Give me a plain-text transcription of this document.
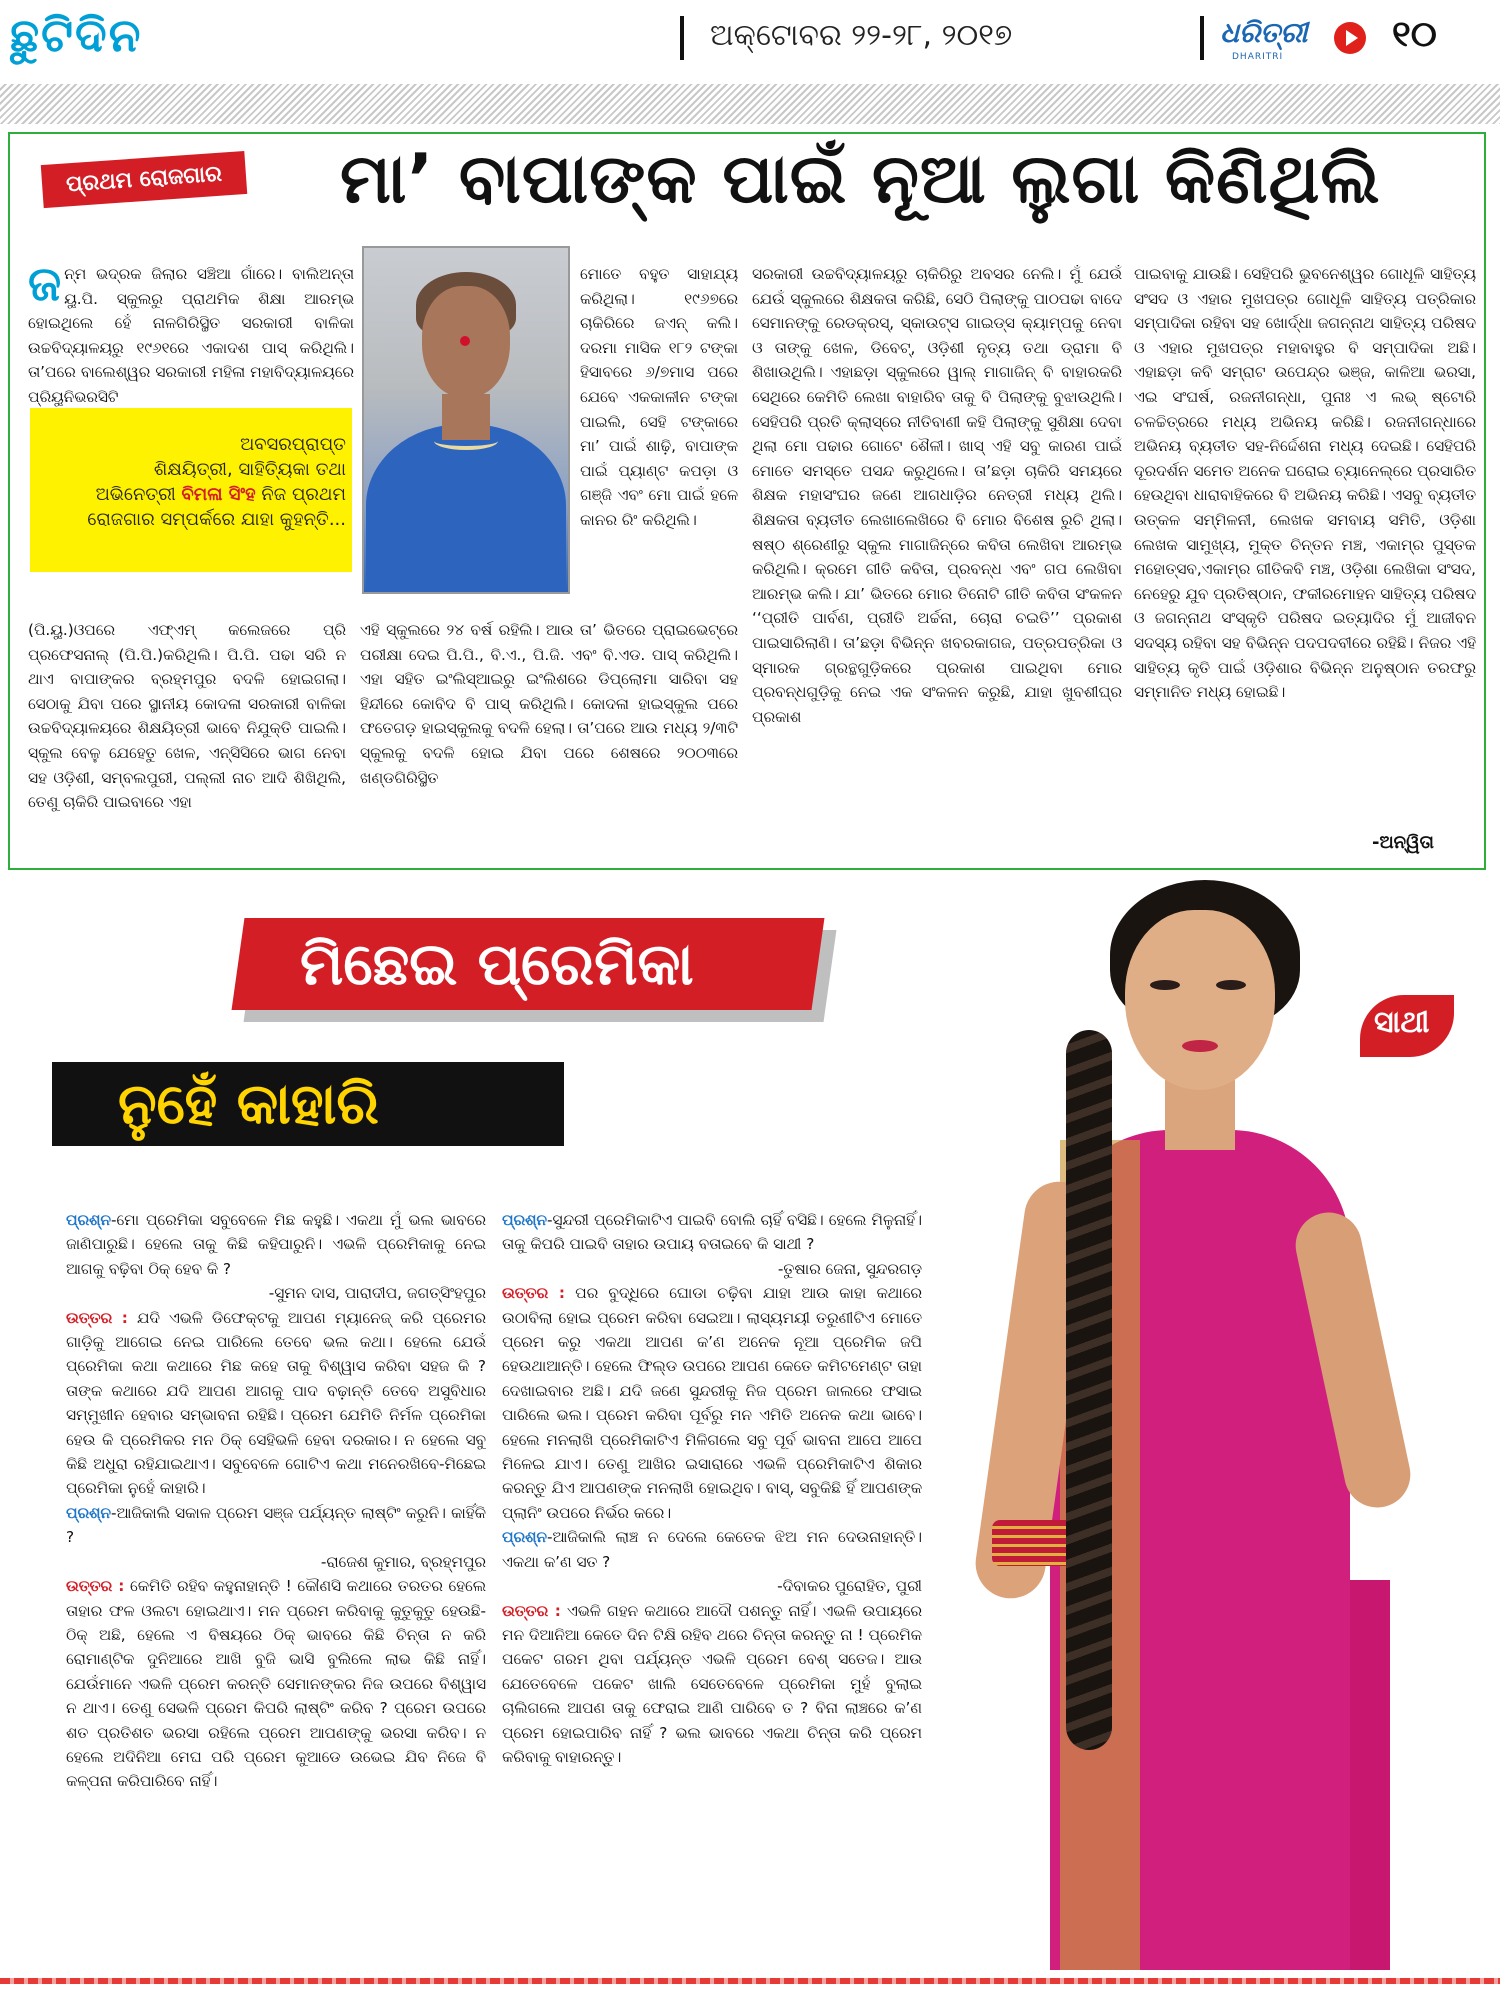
ଛୁଟିଦିନ	ଅକ୍ଟୋବର ୨୨-୨୮, ୨୦୧୭	ଧରିତ୍ରୀ
DHARITRI
୧୦
ପ୍ରଥମ ରୋଜଗାର	ମା’ ବାପାଙ୍କ ପାଇଁ ନୂଆ ଲୁଗା କିଣିଥିଲି
ଜନ୍ମ ଭଦ୍ରକ ଜିଲାର ସଞ୍ଚିଆ ଗାଁରେ। ବାଲିଅନ୍ତା ୟୁ.ପି. ସ୍କୁଲରୁ ପ୍ରାଥମିକ ଶିକ୍ଷା ଆରମ୍ଭ ହୋଇଥିଲେ ହେଁ ନାଳଗିରିସ୍ଥିତ ସରକାରୀ ବାଳିକା ଉଚ୍ଚବିଦ୍ୟାଳୟରୁ ୧୯୬୧ରେ ଏକାଦଶ ପାସ୍ କରିଥିଲି। ତା’ପରେ ବାଲେଶ୍ୱର ସରକାରୀ ମହିଳା ମହାବିଦ୍ୟାଳୟରେ ପ୍ରିୟୁନିଭରସିଟି
ଅବସରପ୍ରାପ୍ତ
ଶିକ୍ଷୟିତ୍ରୀ, ସାହିତ୍ୟିକା ତଥା
ଅଭିନେତ୍ରୀ ବିମଳା ସିଂହ ନିଜ ପ୍ରଥମ ରୋଜଗାର ସମ୍ପର୍କରେ ଯାହା କୁହନ୍ତି...
ମୋତେ ବହୁତ ସାହାଯ୍ୟ କରିଥିଲା। ୧୯୬୭ରେ ଚାକିରିରେ ଜଏନ୍ କଲି। ଦରମା ମାସିକ ୧୮୨ ଟଙ୍କା ହିସାବରେ ୬/୭ମାସ ପରେ ଯେବେ ଏକକାଳୀନ ଟଙ୍କା ପାଇଲି, ସେହି ଟଙ୍କାରେ ମା’ ପାଇଁ ଶାଢ଼ି, ବାପାଙ୍କ ପାଇଁ ପ୍ୟାଣ୍ଟ କପଡ଼ା ଓ ଗଞ୍ଜି ଏବଂ ମୋ ପାଇଁ ହଳେ କାନର ରିଂ କରିଥିଲି।
(ପି.ୟୁ.)ଓପରେ ଏଫ୍‌ଏମ୍ କଲେଜରେ ପ୍ରି ପ୍ରଫେସନାଲ୍ (ପି.ପି.)କରିଥିଲି। ପି.ପି. ପଢା ସରି ନ ଥାଏ ବାପାଙ୍କର ବ୍ରହ୍ମପୁର ବଦଳି ହୋଇଗଲା। ସେଠାକୁ ଯିବା ପରେ ସ୍ଥାନୀୟ କୋଦଳା ସରକାରୀ ବାଳିକା ଉଚ୍ଚବିଦ୍ୟାଳୟରେ ଶିକ୍ଷୟିତ୍ରୀ ଭାବେ ନିଯୁକ୍ତି ପାଇଲି। ସ୍କୁଲ ବେଳୁ ଯେହେତୁ ଖେଳ, ଏନ୍‌ସିସିରେ ଭାଗ ନେବା ସହ ଓଡ଼ିଶୀ, ସମ୍ବଲପୁରୀ, ପଲ୍ଲୀ ନାଚ ଆଦି ଶିଖିଥିଲି, ତେଣୁ ଚାକିରି ପାଇବାରେ ଏହା
ଏହି ସ୍କୁଲରେ ୨୪ ବର୍ଷ ରହିଲି। ଆଉ ତା’ ଭିତରେ ପ୍ରାଇଭେଟ୍‌ରେ ପରୀକ୍ଷା ଦେଇ ପି.ପି., ବି.ଏ., ପି.ଜି. ଏବଂ ବି.ଏଡ. ପାସ୍ କରିଥିଲି। ଏହା ସହିତ ଇଂଲିସ୍‌ଆଇରୁ ଇଂଲିଶରେ ଡିପ୍ଲୋମା ସାରିବା ସହ ହିନ୍ଦୀରେ କୋବିଦ ବି ପାସ୍ କରିଥିଲି। କୋଦଳା ହାଇସ୍କୁଲ ପରେ ଫତେଗଡ଼ ହାଇସ୍କୁଲକୁ ବଦଳି ହେଲା। ତା’ପରେ ଆଉ ମଧ୍ୟ ୨/୩ଟି ସ୍କୁଲକୁ ବଦଳି ହୋଇ ଯିବା ପରେ ଶେଷରେ ୨୦୦୩ରେ ଖଣ୍ଡଗିରିସ୍ଥିତ
ସରକାରୀ ଉଚ୍ଚବିଦ୍ୟାଳୟରୁ ଚାକିରିରୁ ଅବସର ନେଲି। ମୁଁ ଯେଉଁ ଯେଉଁ ସ୍କୁଲରେ ଶିକ୍ଷକତା କରିଛି, ସେଠି ପିଲାଙ୍କୁ ପାଠପଢା ବାଦେ ସେମାନଙ୍କୁ ରେଡକ୍ରସ୍, ସ୍କାଉଟ୍‌ସ ଗାଇଡ୍‌ସ କ୍ୟାମ୍ପକୁ ନେବା ଓ ତାଙ୍କୁ ଖେଳ, ଡିବେଟ୍, ଓଡ଼ିଶୀ ନୃତ୍ୟ ତଥା ଡ୍ରାମା ବି ଶିଖାଉଥିଲି। ଏହାଛଡ଼ା ସ୍କୁଲରେ ୱାଲ୍ ମାଗାଜିନ୍ ବି ବାହାରକରି ସେଥିରେ କେମିତି ଲେଖା ବାହାରିବ ତାକୁ ବି ପିଲାଙ୍କୁ ବୁଝାଉଥିଲି। ସେହିପରି ପ୍ରତି କ୍ଲାସ୍‌ରେ ନୀତିବାଣୀ କହି ପିଲାଙ୍କୁ ସୁଶିକ୍ଷା ଦେବା ଥିଲା ମୋ ପଢାର ଗୋଟେ ଶୈଳୀ। ଖାସ୍ ଏହି ସବୁ କାରଣ ପାଇଁ ମୋତେ ସମସ୍ତେ ପସନ୍ଦ କରୁଥିଲେ। ତା’ଛଡ଼ା ଚାକିରି ସମୟରେ ଶିକ୍ଷକ ମହାସଂଘର ଜଣେ ଆଗଧାଡ଼ିର ନେତ୍ରୀ ମଧ୍ୟ ଥିଲି। ଶିକ୍ଷକତା ବ୍ୟତୀତ ଲେଖାଲେଖିରେ ବି ମୋର ବିଶେଷ ରୁଚି ଥିଲା। ଷଷ୍ଠ ଶ୍ରେଣୀରୁ ସ୍କୁଲ ମାଗାଜିନ୍‌ରେ କବିତା ଲେଖିବା ଆରମ୍ଭ କରିଥିଲି। କ୍ରମେ ଗୀତି କବିତା, ପ୍ରବନ୍ଧ ଏବଂ ଗପ ଲେଖିବା ଆରମ୍ଭ କଲି। ଯା’ ଭିତରେ ମୋର ତିନୋଟି ଗୀତି କବିତା ସଂକଳନ ‘‘ପ୍ରୀତି ପାର୍ବଣ, ପ୍ରୀତି ଅର୍ଚ୍ଚନା, ଚୋରା ଚଇତି’’ ପ୍ରକାଶ ପାଇସାରିଲାଣି। ତା’ଛଡ଼ା ବିଭିନ୍ନ ଖବରକାଗଜ, ପତ୍ରପତ୍ରିକା ଓ ସ୍ମାରକ ଗ୍ରନ୍ଥଗୁଡ଼ିକରେ ପ୍ରକାଶ ପାଇଥିବା ମୋର ପ୍ରବନ୍ଧଗୁଡ଼ିକୁ ନେଇ ଏକ ସଂକଳନ କରୁଛି, ଯାହା ଖୁବଶୀଘ୍ର ପ୍ରକାଶ
ପାଇବାକୁ ଯାଉଛି। ସେହିପରି ଭୁବନେଶ୍ୱର ଗୋଧୂଳି ସାହିତ୍ୟ ସଂସଦ ଓ ଏହାର ମୁଖପତ୍ର ଗୋଧୂଳି ସାହିତ୍ୟ ପତ୍ରିକାର ସମ୍ପାଦିକା ରହିବା ସହ ଖୋର୍ଦ୍ଧା ଜଗନ୍ନାଥ ସାହିତ୍ୟ ପରିଷଦ ଓ ଏହାର ମୁଖପତ୍ର ମହାବାହୁର ବି ସମ୍ପାଦିକା ଅଛି। ଏହାଛଡ଼ା କବି ସମ୍ରାଟ ଉପେନ୍ଦ୍ର ଭଞ୍ଜ, କାଳିଆ ଭରସା, ଏଇ ସଂଘର୍ଷ, ରଜନୀଗନ୍ଧା, ପୁନାଃ ଏ ଲଭ୍ ଷ୍ଟୋରି ଚଳଚ୍ଚିତ୍ରରେ ମଧ୍ୟ ଅଭିନୟ କରିଛି। ରଜନୀଗନ୍ଧାରେ ଅଭିନୟ ବ୍ୟତୀତ ସହ-ନିର୍ଦ୍ଦେଶନା ମଧ୍ୟ ଦେଇଛି। ସେହିପରି ଦୂରଦର୍ଶନ ସମେତ ଅନେକ ଘରୋଇ ଚ୍ୟାନେଲ୍‌ରେ ପ୍ରସାରିତ ହେଉଥିବା ଧାରାବାହିକରେ ବି ଅଭିନୟ କରିଛି। ଏସବୁ ବ୍ୟତୀତ ଉତ୍କଳ ସମ୍ମିଳନୀ, ଲେଖକ ସମବାୟ ସମିତି, ଓଡ଼ିଶା ଲେଖକ ସାମୁଖ୍ୟ, ମୁକ୍ତ ଚିନ୍ତନ ମଞ୍ଚ, ଏକାମ୍ର ପୁସ୍ତକ ମହୋତ୍ସବ,ଏକାମ୍ର ଗୀତିକବି ମଞ୍ଚ, ଓଡ଼ିଶା ଲେଖିକା ସଂସଦ, ନେହେରୁ ଯୁବ ପ୍ରତିଷ୍ଠାନ, ଫକୀରମୋହନ ସାହିତ୍ୟ ପରିଷଦ ଓ ଜଗନ୍ନାଥ ସଂସ୍କୃତି ପରିଷଦ ଇତ୍ୟାଦିର ମୁଁ ଆଜୀବନ ସଦସ୍ୟ ରହିବା ସହ ବିଭିନ୍ନ ପଦପଦବୀରେ ରହିଛି। ନିଜର ଏହି ସାହିତ୍ୟ କୃତି ପାଇଁ ଓଡ଼ିଶାର ବିଭିନ୍ନ ଅନୁଷ୍ଠାନ ତରଫରୁ ସମ୍ମାନିତ ମଧ୍ୟ ହୋଇଛି।
-ଅନ୍ୱିତା
ମିଛେଇ ପ୍ରେମିକା
ନୁହେଁ କାହାରି
ସାଥୀ
ପ୍ରଶ୍ନ-ମୋ ପ୍ରେମିକା ସବୁବେଳେ ମିଛ କହୁଛି। ଏକଥା ମୁଁ ଭଲ ଭାବରେ ଜାଣିପାରୁଛି। ହେଲେ ତାକୁ କିଛି କହିପାରୁନି। ଏଭଳି ପ୍ରେମିକାକୁ ନେଇ ଆଗକୁ ବଢ଼ିବା ଠିକ୍ ହେବ କି ?
-ସୁମନ ଦାସ, ପାରାଦୀପ, ଜଗତ୍‌ସିଂହପୁର
ଉତ୍ତର : ଯଦି ଏଭଳି ଡିଫେକ୍ଟକୁ ଆପଣ ମ୍ୟାନେଜ୍ କରି ପ୍ରେମର ଗାଡ଼ିକୁ ଆଗେଇ ନେଇ ପାରିଲେ ତେବେ ଭଲ କଥା। ହେଲେ ଯେଉଁ ପ୍ରେମିକା କଥା କଥାରେ ମିଛ କହେ ତାକୁ ବିଶ୍ୱାସ କରିବା ସହଜ କି ? ତାଙ୍କ କଥାରେ ଯଦି ଆପଣ ଆଗକୁ ପାଦ ବଢ଼ାନ୍ତି ତେବେ ଅସୁବିଧାର ସମ୍ମୁଖୀନ ହେବାର ସମ୍ଭାବନା ରହିଛି। ପ୍ରେମ ଯେମିତି ନିର୍ମଳ ପ୍ରେମିକା ହେଉ କି ପ୍ରେମିକର ମନ ଠିକ୍ ସେହିଭଳି ହେବା ଦରକାର। ନ ହେଲେ ସବୁ କିଛି ଅଧୁରା ରହିଯାଇଥାଏ। ସବୁବେଳେ ଗୋଟିଏ କଥା ମନେରଖିବେ-ମିଛେଇ ପ୍ରେମିକା ନୁହେଁ କାହାରି।
ପ୍ରଶ୍ନ-ଆଜିକାଲି ସକାଳ ପ୍ରେମ ସଞ୍ଜ ପର୍ଯ୍ୟନ୍ତ ଲାଷ୍ଟିଂ କରୁନି। କାହିଁକି ?
-ରାଜେଶ କୁମାର, ବ୍ରହ୍ମପୁର
ଉତ୍ତର : କେମିତି ରହିବ କହୁନାହାନ୍ତି ! କୌଣସି କଥାରେ ତରତର ହେଲେ ତାହାର ଫଳ ଓଲଟା ହୋଇଥାଏ। ମନ ପ୍ରେମ କରିବାକୁ କୁତୁକୁତୁ ହେଉଛି-ଠିକ୍ ଅଛି, ହେଲେ ଏ ବିଷୟରେ ଠିକ୍ ଭାବରେ କିଛି ଚିନ୍ତା ନ କରି ରୋମାଣ୍ଟିକ ଦୁନିଆରେ ଆଖି ବୁଜି ଭାସି ବୁଲିଲେ ଲାଭ କିଛି ନାହିଁ। ଯେଉଁମାନେ ଏଭଳି ପ୍ରେମ କରନ୍ତି ସେମାନଙ୍କର ନିଜ ଉପରେ ବିଶ୍ୱାସ ନ ଥାଏ। ତେଣୁ ସେଭଳି ପ୍ରେମ କିପରି ଲାଷ୍ଟିଂ କରିବ ? ପ୍ରେମ ଉପରେ ଶତ ପ୍ରତିଶତ ଭରସା ରହିଲେ ପ୍ରେମ ଆପଣଙ୍କୁ ଭରସା କରିବ। ନ ହେଲେ ଅଦିନିଆ ମେଘ ପରି ପ୍ରେମ କୁଆଡେ ଉଭେଇ ଯିବ ନିଜେ ବି କଳ୍ପନା କରିପାରିବେ ନାହିଁ।
ପ୍ରଶ୍ନ-ସୁନ୍ଦରୀ ପ୍ରେମିକାଟିଏ ପାଇବି ବୋଲି ଚାହିଁ ବସିଛି। ହେଲେ ମିଳୁନାହିଁ। ତାକୁ କିପରି ପାଇବି ତାହାର ଉପାୟ ବତାଇବେ କି ସାଥୀ ?
-ତୁଷାର ଜେନା, ସୁନ୍ଦରଗଡ଼
ଉତ୍ତର : ପର ବୁଦ୍ଧିରେ ଘୋଡା ଚଢ଼ିବା ଯାହା ଆଉ କାହା କଥାରେ ଉଠାବିଲା ହୋଇ ପ୍ରେମ କରିବା ସେଇଆ। ଲାସ୍ୟମୟୀ ତରୁଣୀଟିଏ ମୋତେ ପ୍ରେମ କରୁ ଏକଥା ଆପଣ କ’ଣ ଅନେକ ନୂଆ ପ୍ରେମିକ ଜପି ହେଉଥାଆନ୍ତି। ହେଲେ ଫିଲ୍ଡ ଉପରେ ଆପଣ କେତେ କମିଟମେଣ୍ଟ ତାହା ଦେଖାଇବାର ଅଛି। ଯଦି ଜଣେ ସୁନ୍ଦରୀକୁ ନିଜ ପ୍ରେମ ଜାଲରେ ଫସାଇ ପାରିଲେ ଭଲ। ପ୍ରେମ କରିବା ପୂର୍ବରୁ ମନ ଏମିତି ଅନେକ କଥା ଭାବେ। ହେଲେ ମନଲାଖି ପ୍ରେମିକାଟିଏ ମିଳିଗଲେ ସବୁ ପୂର୍ବ ଭାବନା ଆପେ ଆପେ ମିଳେଇ ଯାଏ। ତେଣୁ ଆଖିର ଇସାରାରେ ଏଭଳି ପ୍ରେମିକାଟିଏ ଶିକାର କରନ୍ତୁ ଯିଏ ଆପଣଙ୍କ ମନଲାଖି ହୋଇଥିବ। ବାସ୍, ସବୁକିଛି ହିଁ ଆପଣଙ୍କ ପ୍ଲାନିଂ ଉପରେ ନିର୍ଭର କରେ।
ପ୍ରଶ୍ନ-ଆଜିକାଲି ଲାଞ୍ଚ ନ ଦେଲେ କେତେକ ଝିଅ ମନ ଦେଉନାହାନ୍ତି। ଏକଥା କ’ଣ ସତ ?
-ଦିବାକର ପୁରୋହିତ, ପୁରୀ
ଉତ୍ତର : ଏଭଳି ଗହନ କଥାରେ ଆଦୌ ପଶନ୍ତୁ ନାହିଁ। ଏଭଳି ଉପାୟରେ ମନ ଦିଆନିଆ କେତେ ଦିନ ଟିକ୍ଷି ରହିବ ଥରେ ଚିନ୍ତା କରନ୍ତୁ ନା ! ପ୍ରେମିକ ପକେଟ ଗରମ ଥିବା ପର୍ଯ୍ୟନ୍ତ ଏଭଳି ପ୍ରେମ ବେଶ୍ ସତେଜ। ଆଉ ଯେତେବେଳେ ପକେଟ ଖାଲି ସେତେବେଳେ ପ୍ରେମିକା ମୁହଁ ବୁଲାଇ ଚାଲିଗଲେ ଆପଣ ତାକୁ ଫେରାଇ ଆଣି ପାରିବେ ତ ? ବିନା ଲାଞ୍ଚରେ କ’ଣ ପ୍ରେମ ହୋଇପାରିବ ନାହିଁ ? ଭଲ ଭାବରେ ଏକଥା ଚିନ୍ତା କରି ପ୍ରେମ କରିବାକୁ ବାହାରନ୍ତୁ।
